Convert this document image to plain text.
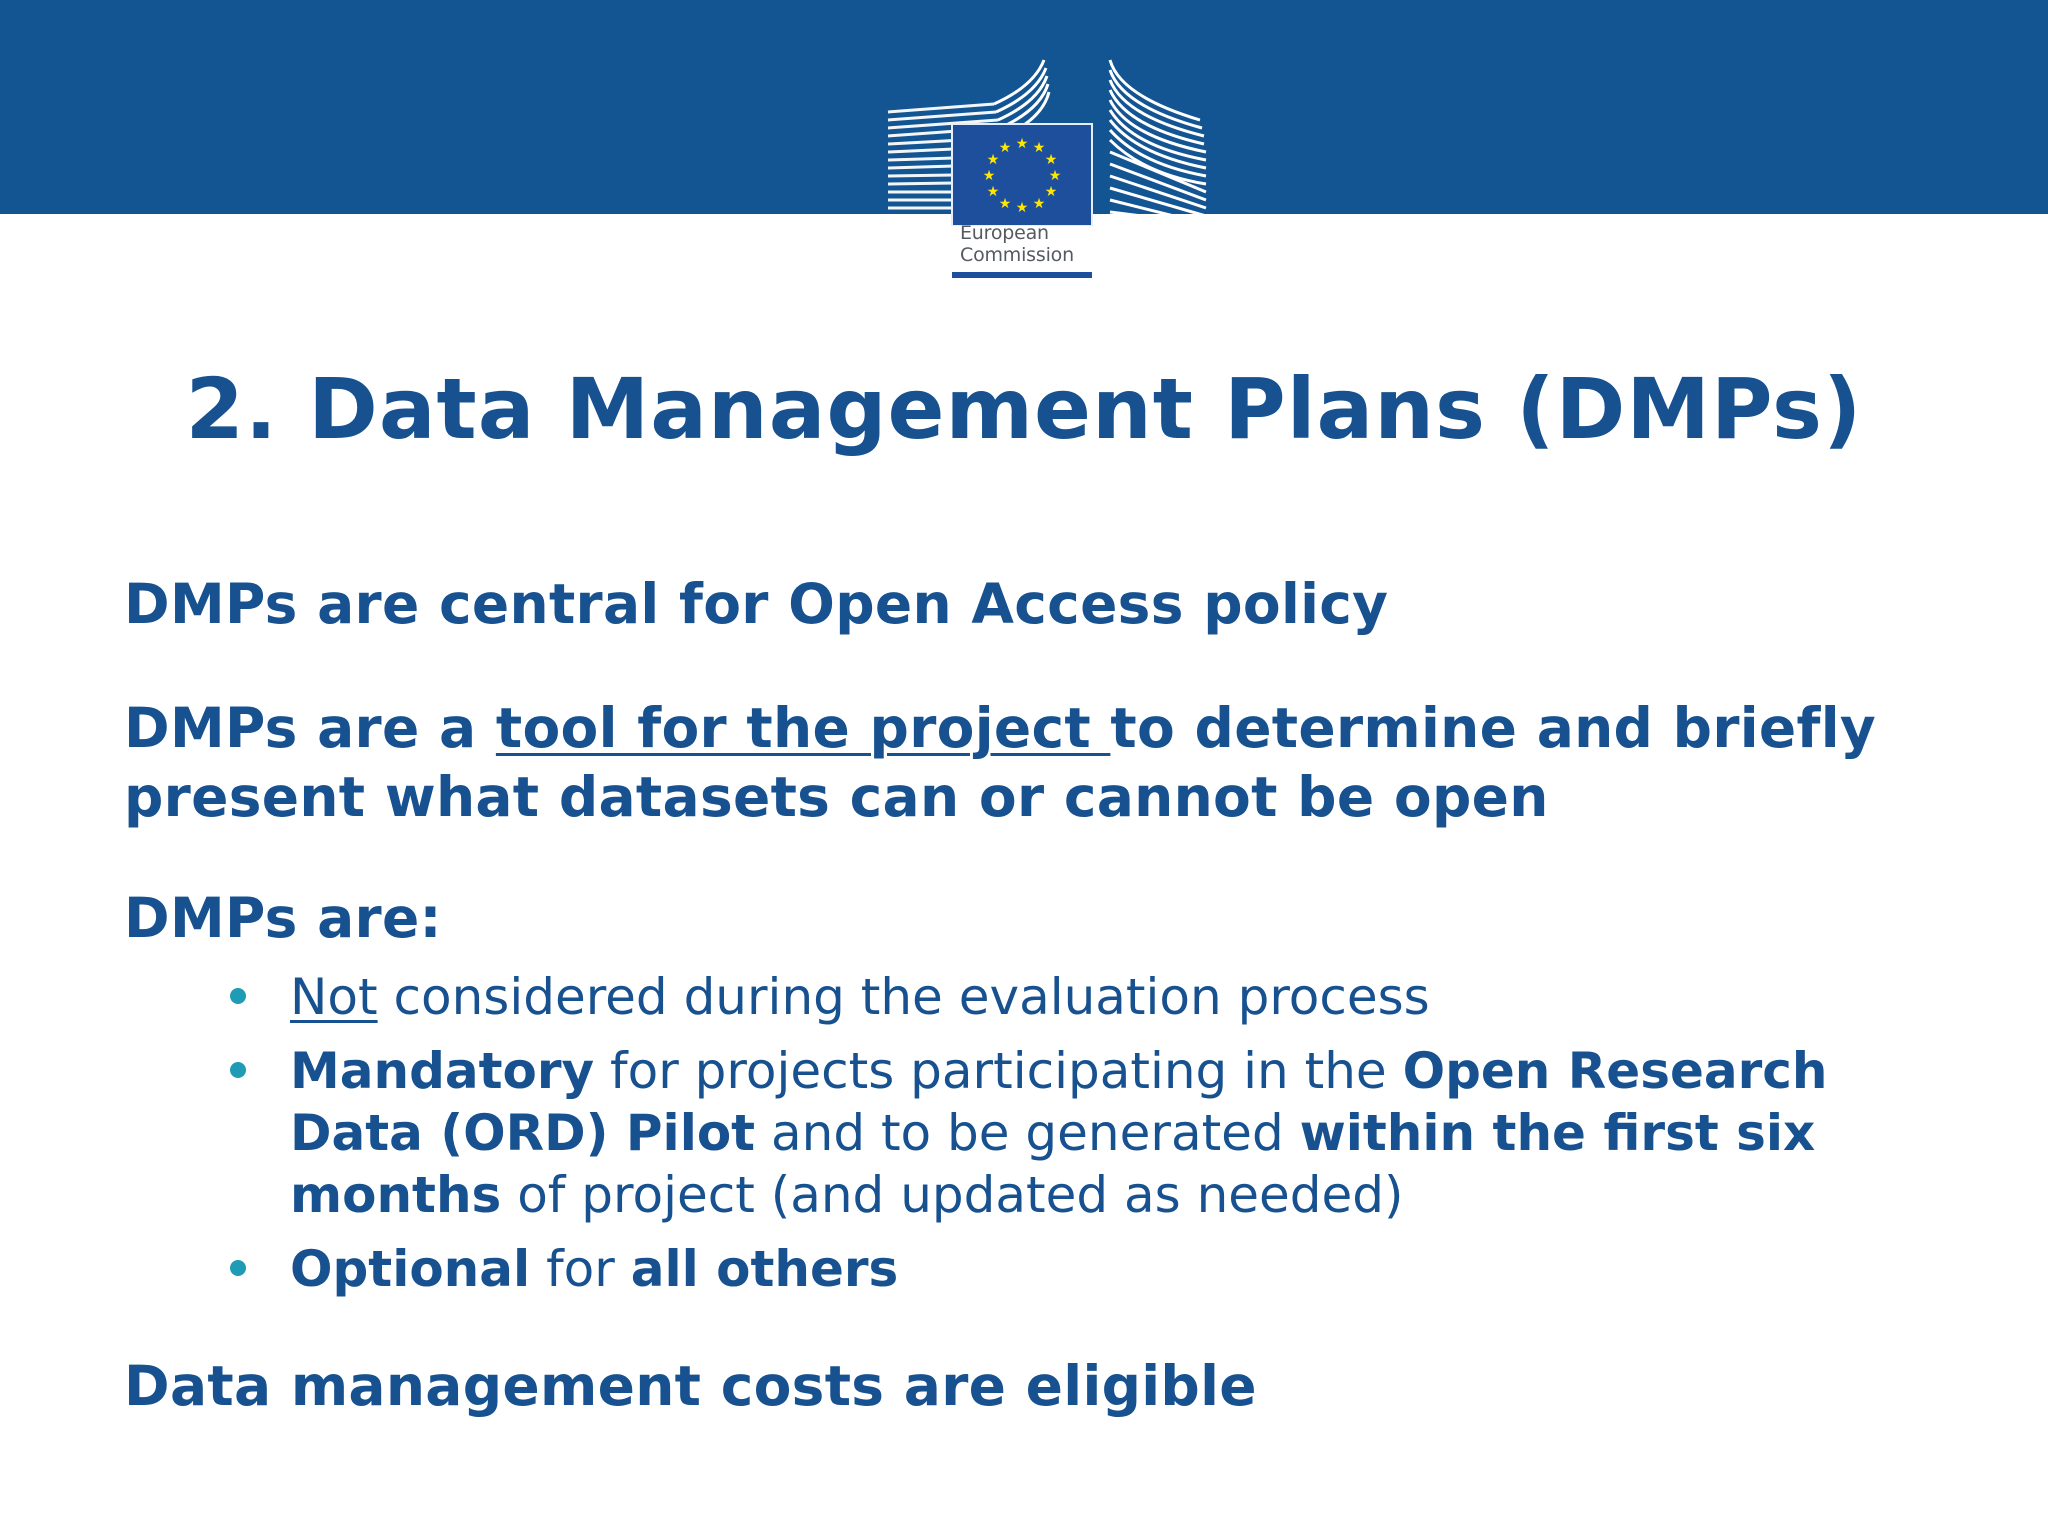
★ ★
★
★
★
★
★
★
★
★
★
★
European
Commission
2. Data Management Plans (DMPs)
DMPs are central for Open Access policy
DMPs are a tool for the project to determine and briefly
present what datasets can or cannot be open
DMPs are:
Not considered during the evaluation process
Mandatory for projects participating in the Open Research
Data (ORD) Pilot and to be generated within the first six
months of project (and updated as needed)
Optional for all others
Data management costs are eligible
